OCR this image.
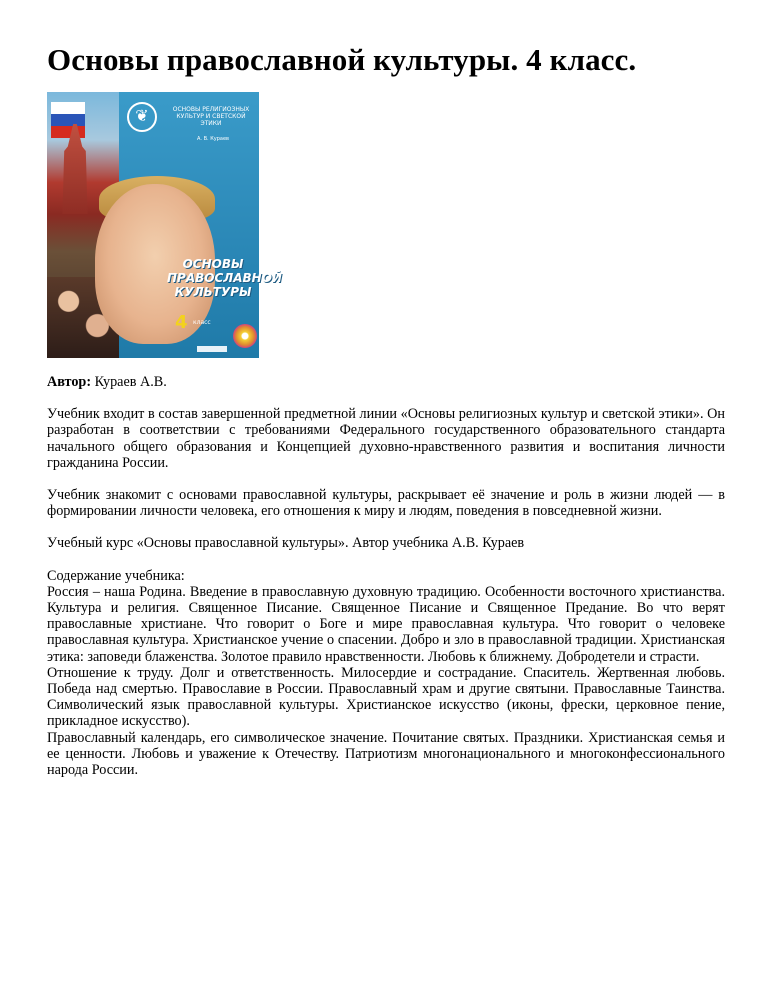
Основы православной культуры. 4 класс.
❦	ОСНОВЫ РЕЛИГИОЗНЫХ КУЛЬТУР И СВЕТСКОЙ ЭТИКИ
А. В. Кураев
ОСНОВЫ
ПРАВОСЛАВНОЙ
КУЛЬТУРЫ
4 класс

Автор: Кураев А.В.

Учебник входит в состав завершенной предметной линии «Основы религиозных культур и светской этики». Он разработан в соответствии с требованиями Федерального государственного образовательного стандарта начального общего образования и Концепцией духовно-нравственного развития и воспитания личности гражданина России.

Учебник знакомит с основами православной культуры, раскрывает её значение и роль в жизни людей — в формировании личности человека, его отношения к миру и людям, поведения в повседневной жизни.

Учебный курс «Основы православной культуры». Автор учебника А.В. Кураев

Содержание учебника:

Россия – наша Родина. Введение в православную духовную традицию. Особенности восточного христианства. Культура и религия. Священное Писание. Священное Писание и Священное Предание. Во что верят православные христиане. Что говорит о Боге и мире православная культура. Что говорит о человеке православная культура. Христианское учение о спасении. Добро и зло в православной традиции. Христианская этика: заповеди блаженства. Золотое правило нравственности. Любовь к ближнему. Добродетели и страсти.

Отношение к труду. Долг и ответственность. Милосердие и сострадание. Спаситель. Жертвенная любовь. Победа над смертью. Православие в России. Православный храм и другие святыни. Православные Таинства. Символический язык православной культуры. Христианское искусство (иконы, фрески, церковное пение, прикладное искусство).

Православный календарь, его символическое значение. Почитание святых. Праздники. Христианская семья и ее ценности. Любовь и уважение к Отечеству. Патриотизм многонационального и многоконфессионального народа России.
